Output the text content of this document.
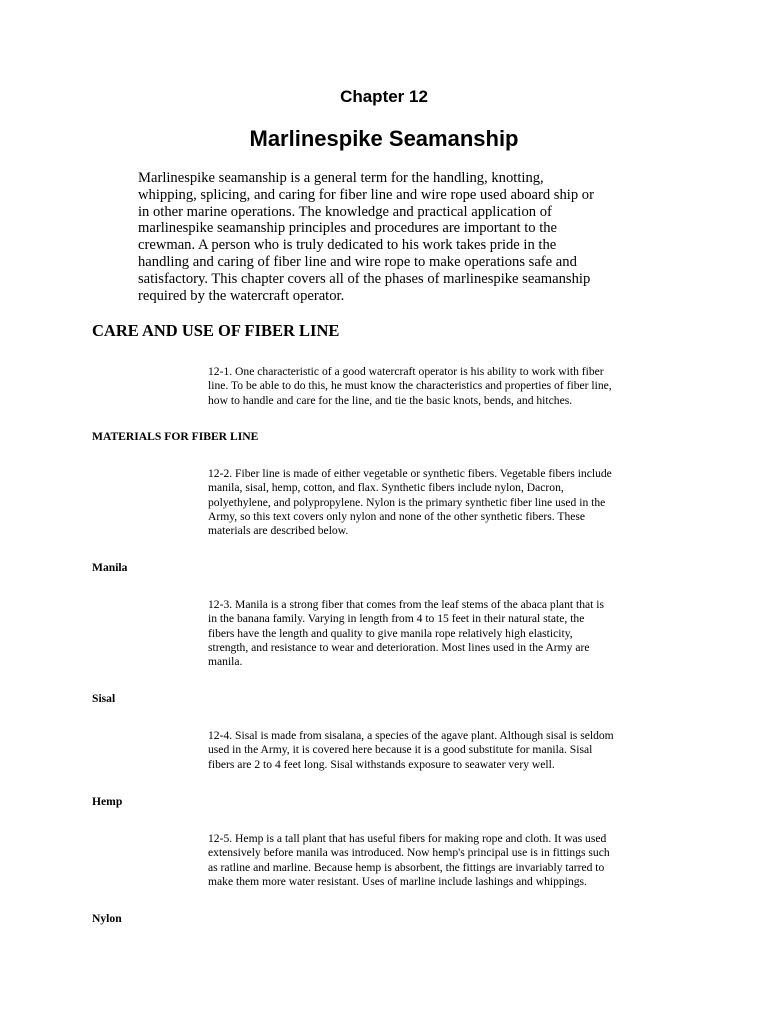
Chapter 12
Marlinespike Seamanship
Marlinespike seamanship is a general term for the handling, knotting,
whipping, splicing, and caring for fiber line and wire rope used aboard ship or
in other marine operations. The knowledge and practical application of
marlinespike seamanship principles and procedures are important to the
crewman. A person who is truly dedicated to his work takes pride in the
handling and caring of fiber line and wire rope to make operations safe and
satisfactory. This chapter covers all of the phases of marlinespike seamanship
required by the watercraft operator.
CARE AND USE OF FIBER LINE
12-1. One characteristic of a good watercraft operator is his ability to work with fiber
line. To be able to do this, he must know the characteristics and properties of fiber line,
how to handle and care for the line, and tie the basic knots, bends, and hitches.
MATERIALS FOR FIBER LINE
12-2. Fiber line is made of either vegetable or synthetic fibers. Vegetable fibers include
manila, sisal, hemp, cotton, and flax. Synthetic fibers include nylon, Dacron,
polyethylene, and polypropylene. Nylon is the primary synthetic fiber line used in the
Army, so this text covers only nylon and none of the other synthetic fibers. These
materials are described below.
Manila
12-3. Manila is a strong fiber that comes from the leaf stems of the abaca plant that is
in the banana family. Varying in length from 4 to 15 feet in their natural state, the
fibers have the length and quality to give manila rope relatively high elasticity,
strength, and resistance to wear and deterioration. Most lines used in the Army are
manila.
Sisal
12-4. Sisal is made from sisalana, a species of the agave plant. Although sisal is seldom
used in the Army, it is covered here because it is a good substitute for manila. Sisal
fibers are 2 to 4 feet long. Sisal withstands exposure to seawater very well.
Hemp
12-5. Hemp is a tall plant that has useful fibers for making rope and cloth. It was used
extensively before manila was introduced. Now hemp's principal use is in fittings such
as ratline and marline. Because hemp is absorbent, the fittings are invariably tarred to
make them more water resistant. Uses of marline include lashings and whippings.
Nylon
